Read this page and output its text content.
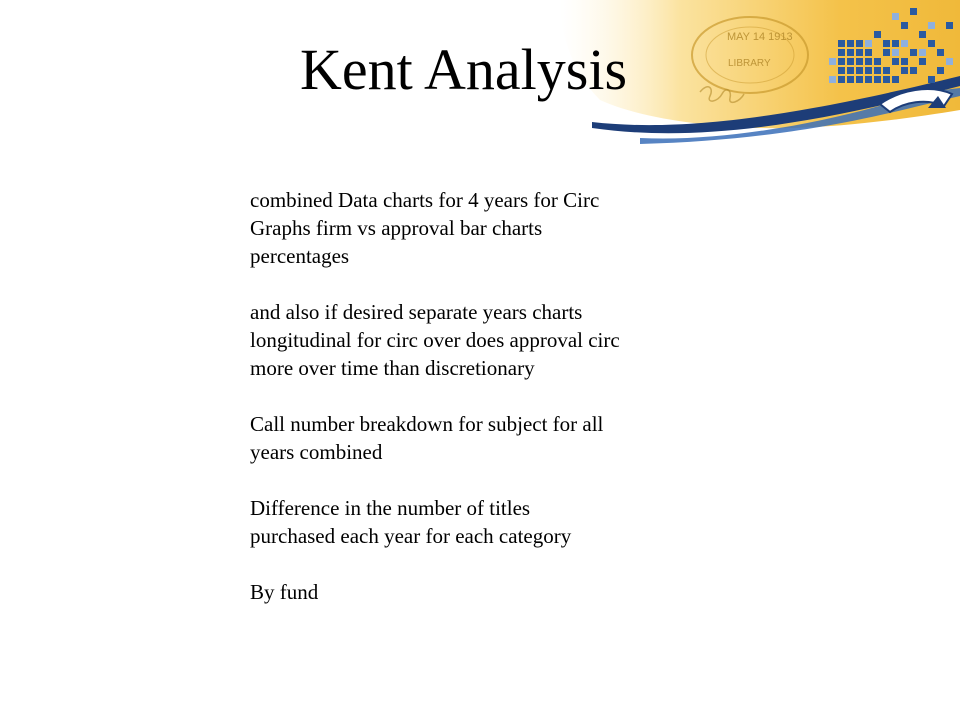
MAY 14 1913
LIBRARY
Kent Analysis

combined Data charts for 4 years for Circ
Graphs firm vs approval bar charts
percentages

and also if desired separate years charts
longitudinal for circ over does approval circ
more over time than discretionary

Call number breakdown for subject for all
years combined

Difference in the number of titles
purchased each year for each category

By fund
